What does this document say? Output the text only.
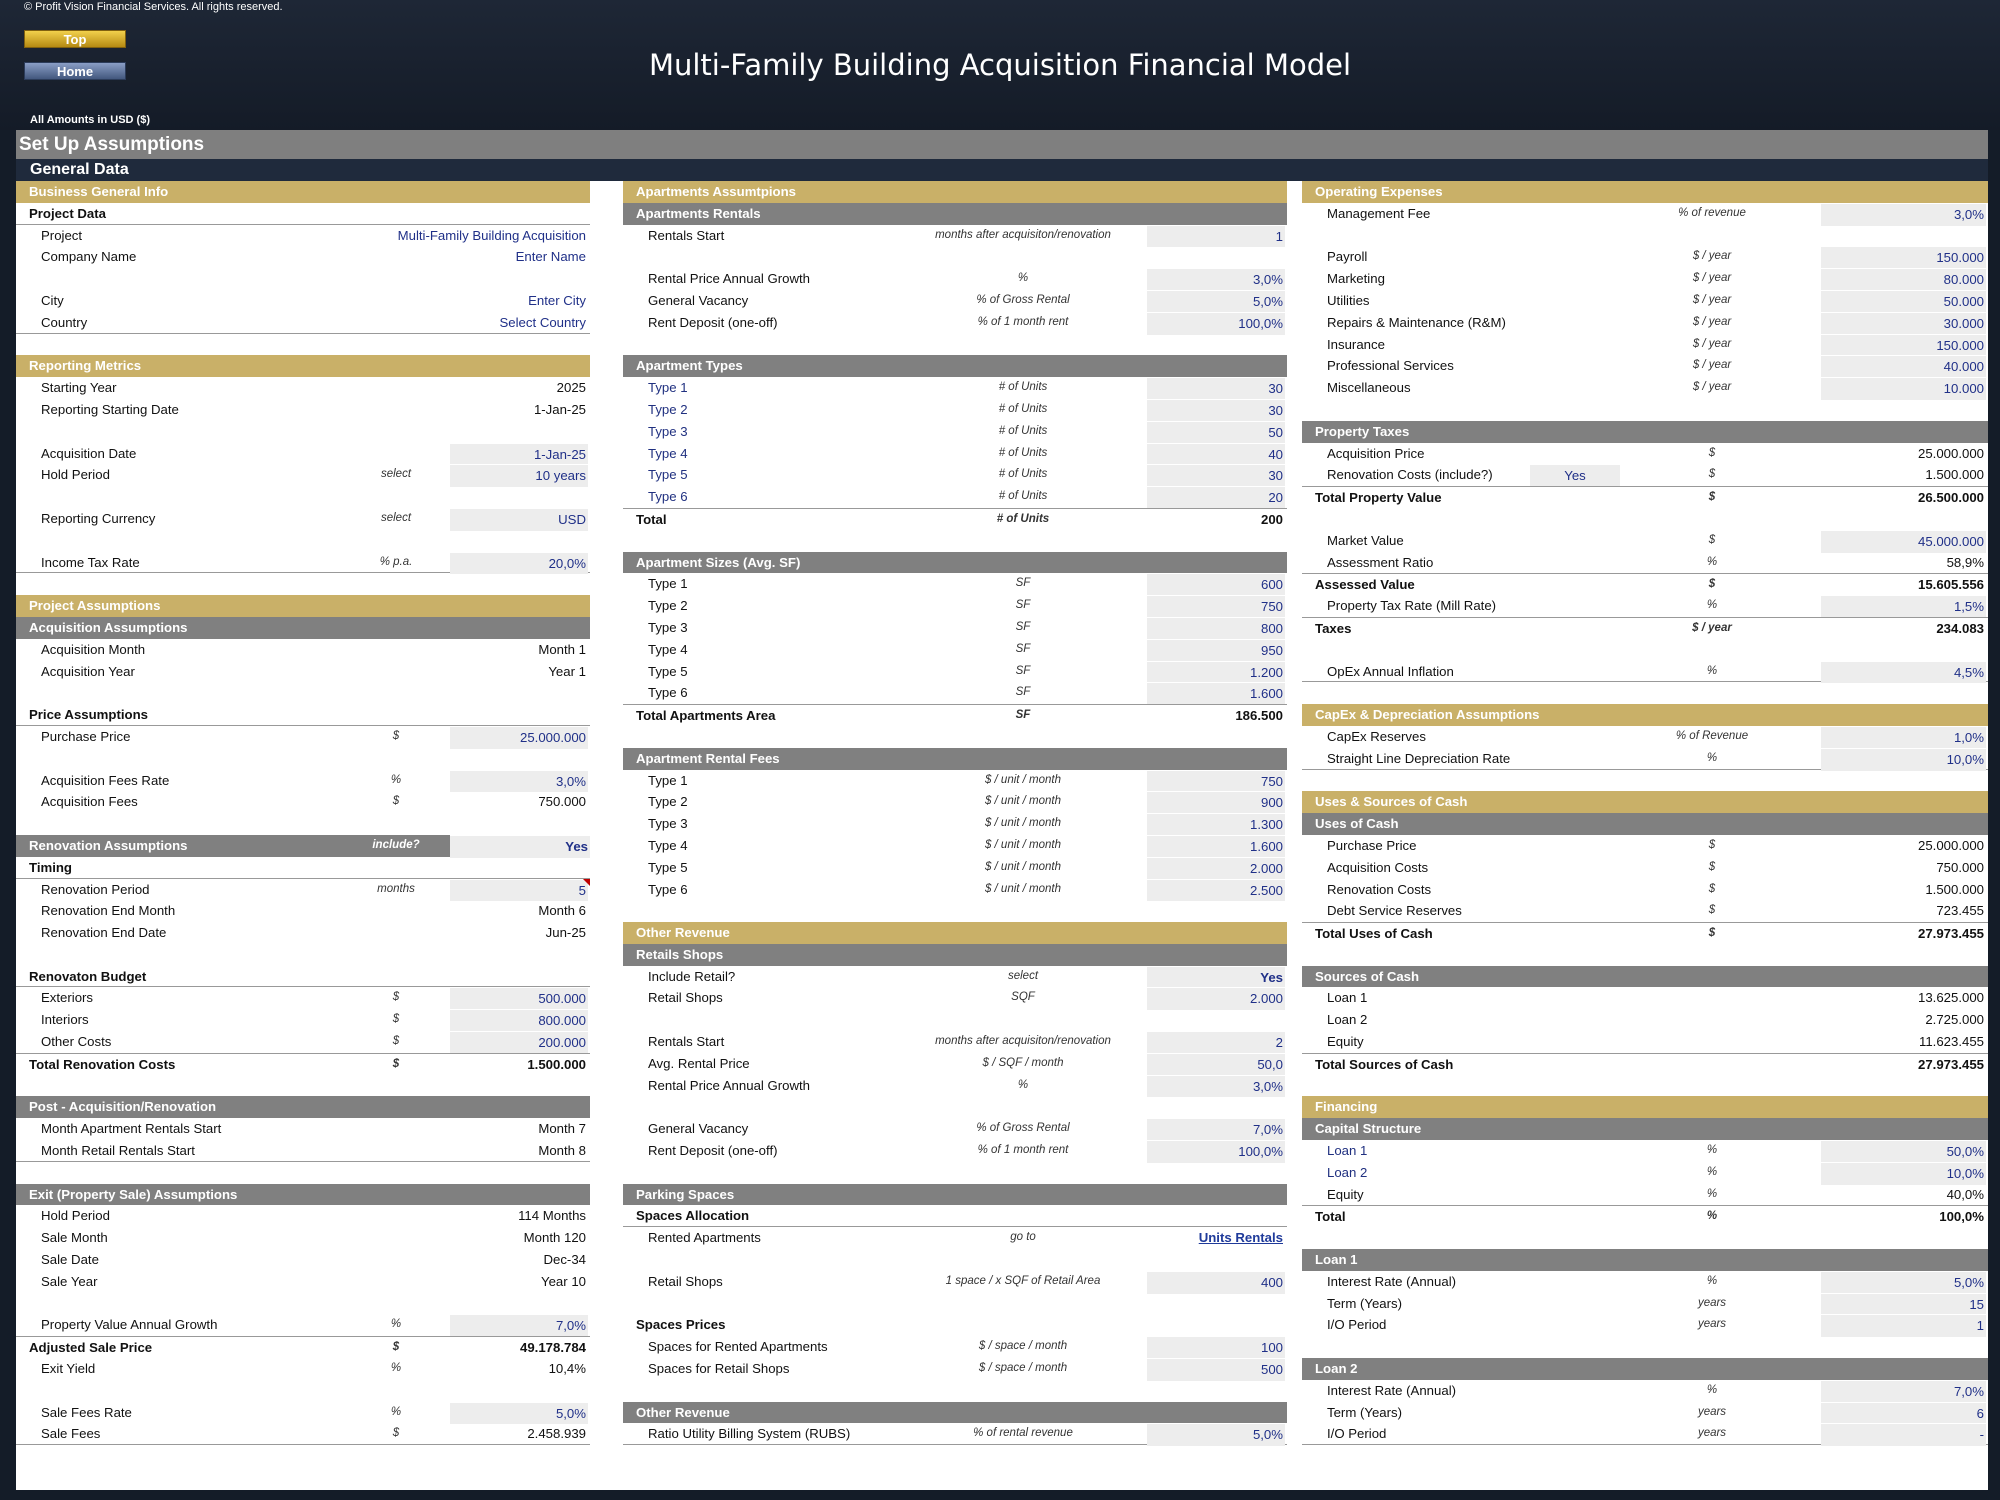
© Profit Vision Financial Services. All rights reserved.
Top
Home	Multi-Family Building Acquisition Financial Model
All Amounts in USD ($)
Set Up Assumptions
General Data
Business General Info
Project Data
Project	Multi-Family Building Acquisition
Company Name	Enter Name
City	Enter City
Country	Select Country
Reporting Metrics
Starting Year	2025
Reporting Starting Date	1-Jan-25
Acquisition Date	1-Jan-25
Hold Period	select	10 years
Reporting Currency	select	USD
Income Tax Rate	% p.a.	20,0%
Project Assumptions
Acquisition Assumptions
Acquisition Month	Month 1
Acquisition Year	Year 1
Price Assumptions
Purchase Price	$	25.000.000
Acquisition Fees Rate	%	3,0%
Acquisition Fees	$	750.000
Renovation Assumptions	include?	Yes
Timing
Renovation Period	months	5
Renovation End Month	Month 6
Renovation End Date	Jun-25
Renovaton Budget
Exteriors	$	500.000
Interiors	$	800.000
Other Costs	$	200.000
Total Renovation Costs	$	1.500.000
Post - Acquisition/Renovation
Month Apartment Rentals Start	Month 7
Month Retail Rentals Start	Month 8
Exit (Property Sale) Assumptions
Hold Period	114 Months
Sale Month	Month 120
Sale Date	Dec-34
Sale Year	Year 10
Property Value Annual Growth	%	7,0%
Adjusted Sale Price	$	49.178.784
Exit Yield	%	10,4%
Sale Fees Rate	%	5,0%
Sale Fees	$	2.458.939
Apartments Assumtpions
Apartments Rentals
Rentals Start	months after acquisiton/renovation	1
Rental Price Annual Growth	%	3,0%
General Vacancy	% of Gross Rental	5,0%
Rent Deposit (one-off)	% of 1 month rent	100,0%
Apartment Types
Type 1	# of Units	30
Type 2	# of Units	30
Type 3	# of Units	50
Type 4	# of Units	40
Type 5	# of Units	30
Type 6	# of Units	20
Total	# of Units	200
Apartment Sizes (Avg. SF)
Type 1	SF	600
Type 2	SF	750
Type 3	SF	800
Type 4	SF	950
Type 5	SF	1.200
Type 6	SF	1.600
Total Apartments Area	SF	186.500
Apartment Rental Fees
Type 1	$ / unit / month	750
Type 2	$ / unit / month	900
Type 3	$ / unit / month	1.300
Type 4	$ / unit / month	1.600
Type 5	$ / unit / month	2.000
Type 6	$ / unit / month	2.500
Other Revenue
Retails Shops
Include Retail?	select	Yes
Retail Shops	SQF	2.000
Rentals Start	months after acquisiton/renovation	2
Avg. Rental Price	$ / SQF / month	50,0
Rental Price Annual Growth	%	3,0%
General Vacancy	% of Gross Rental	7,0%
Rent Deposit (one-off)	% of 1 month rent	100,0%
Parking Spaces
Spaces Allocation
Rented Apartments	go to	Units Rentals
Retail Shops	1 space / x SQF of Retail Area	400
Spaces Prices
Spaces for Rented Apartments	$ / space / month	100
Spaces for Retail Shops	$ / space / month	500
Other Revenue
Ratio Utility Billing System (RUBS)	% of rental revenue	5,0%
Operating Expenses
Management Fee	% of revenue	3,0%
Payroll	$ / year	150.000
Marketing	$ / year	80.000
Utilities	$ / year	50.000
Repairs & Maintenance (R&M)	$ / year	30.000
Insurance	$ / year	150.000
Professional Services	$ / year	40.000
Miscellaneous	$ / year	10.000
Property Taxes
Acquisition Price	$	25.000.000
Renovation Costs (include?)	Yes	$	1.500.000
Total Property Value	$	26.500.000
Market Value	$	45.000.000
Assessment Ratio	%	58,9%
Assessed Value	$	15.605.556
Property Tax Rate (Mill Rate)	%	1,5%
Taxes	$ / year	234.083
OpEx Annual Inflation	%	4,5%
CapEx & Depreciation Assumptions
CapEx Reserves	% of Revenue	1,0%
Straight Line Depreciation Rate	%	10,0%
Uses & Sources of Cash
Uses of Cash
Purchase Price	$	25.000.000
Acquisition Costs	$	750.000
Renovation Costs	$	1.500.000
Debt Service Reserves	$	723.455
Total Uses of Cash	$	27.973.455
Sources of Cash
Loan 1	13.625.000
Loan 2	2.725.000
Equity	11.623.455
Total Sources of Cash	27.973.455
Financing
Capital Structure
Loan 1	%	50,0%
Loan 2	%	10,0%
Equity	%	40,0%
Total	%	100,0%
Loan 1
Interest Rate (Annual)	%	5,0%
Term (Years)	years	15
I/O Period	years	1
Loan 2
Interest Rate (Annual)	%	7,0%
Term (Years)	years	6
I/O Period	years	-
